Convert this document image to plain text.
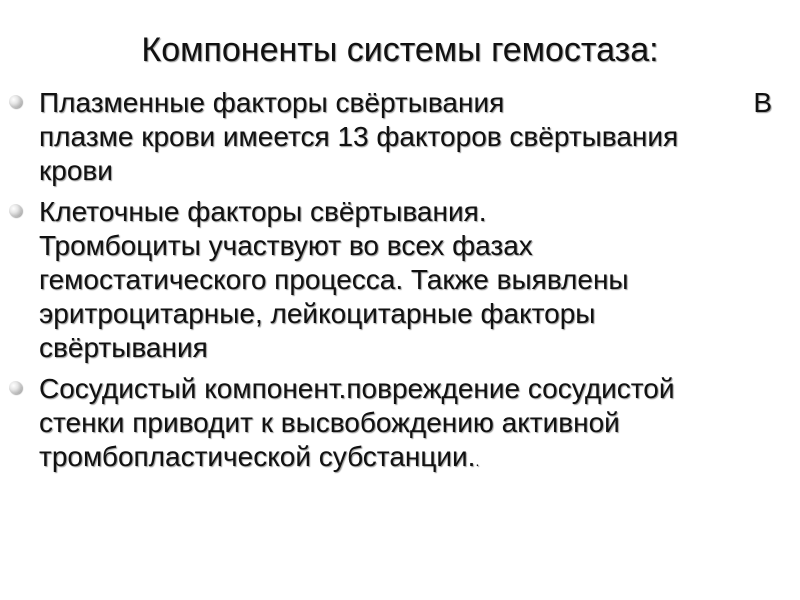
Компоненты системы гемостаза:
Плазменные факторы свёртывания	В
плазме крови имеется 13 факторов свёртывания
крови
Клеточные факторы свёртывания.
Тромбоциты участвуют во всех фазах
гемостатического процесса. Также выявлены
эритроцитарные, лейкоцитарные факторы
свёртывания
Сосудистый компонент.повреждение сосудистой
стенки приводит к высвобождению активной
тромбопластической субстанции..
